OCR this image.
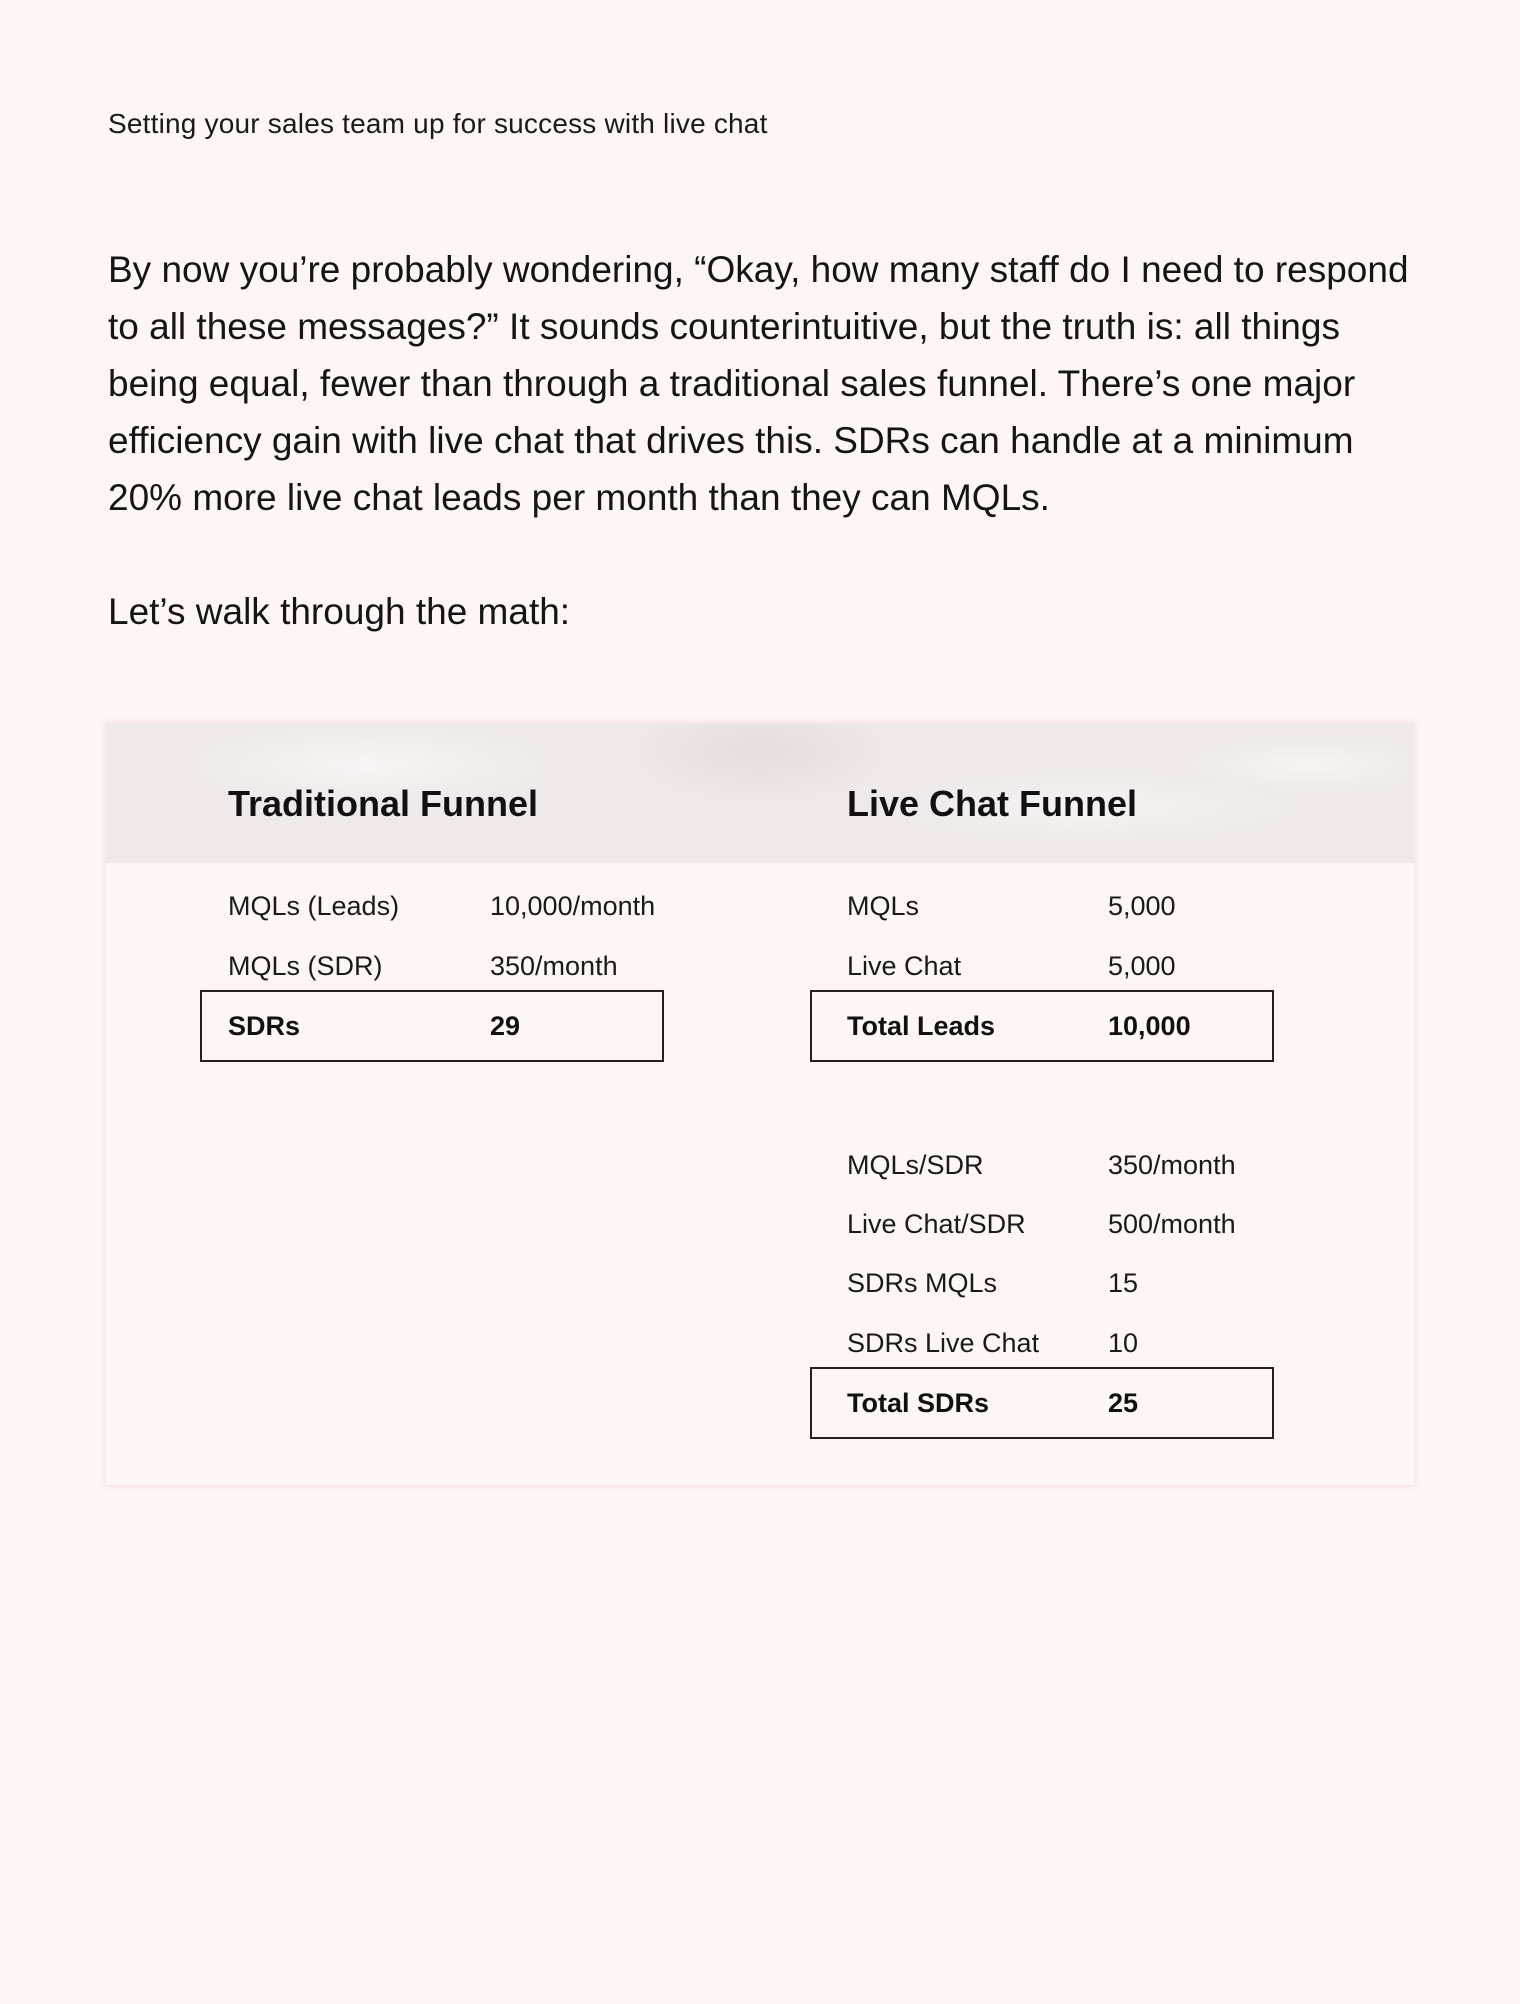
Setting your sales team up for success with live chat
By now you’re probably wondering, “Okay, how many staff do I need to respond to all these messages?” It sounds counterintuitive, but the truth is: all things being equal, fewer than through a traditional sales funnel. There’s one major efficiency gain with live chat that drives this. SDRs can handle at a minimum 20% more live chat leads per month than they can MQLs.
Let’s walk through the math:
Traditional Funnel	Live Chat Funnel
MQLs (Leads)	10,000/month
MQLs (SDR)	350/month
SDRs	29
MQLs	5,000
Live Chat	5,000
Total Leads	10,000
MQLs/SDR	350/month
Live Chat/SDR	500/month
SDRs MQLs	15
SDRs Live Chat	10
Total SDRs	25
